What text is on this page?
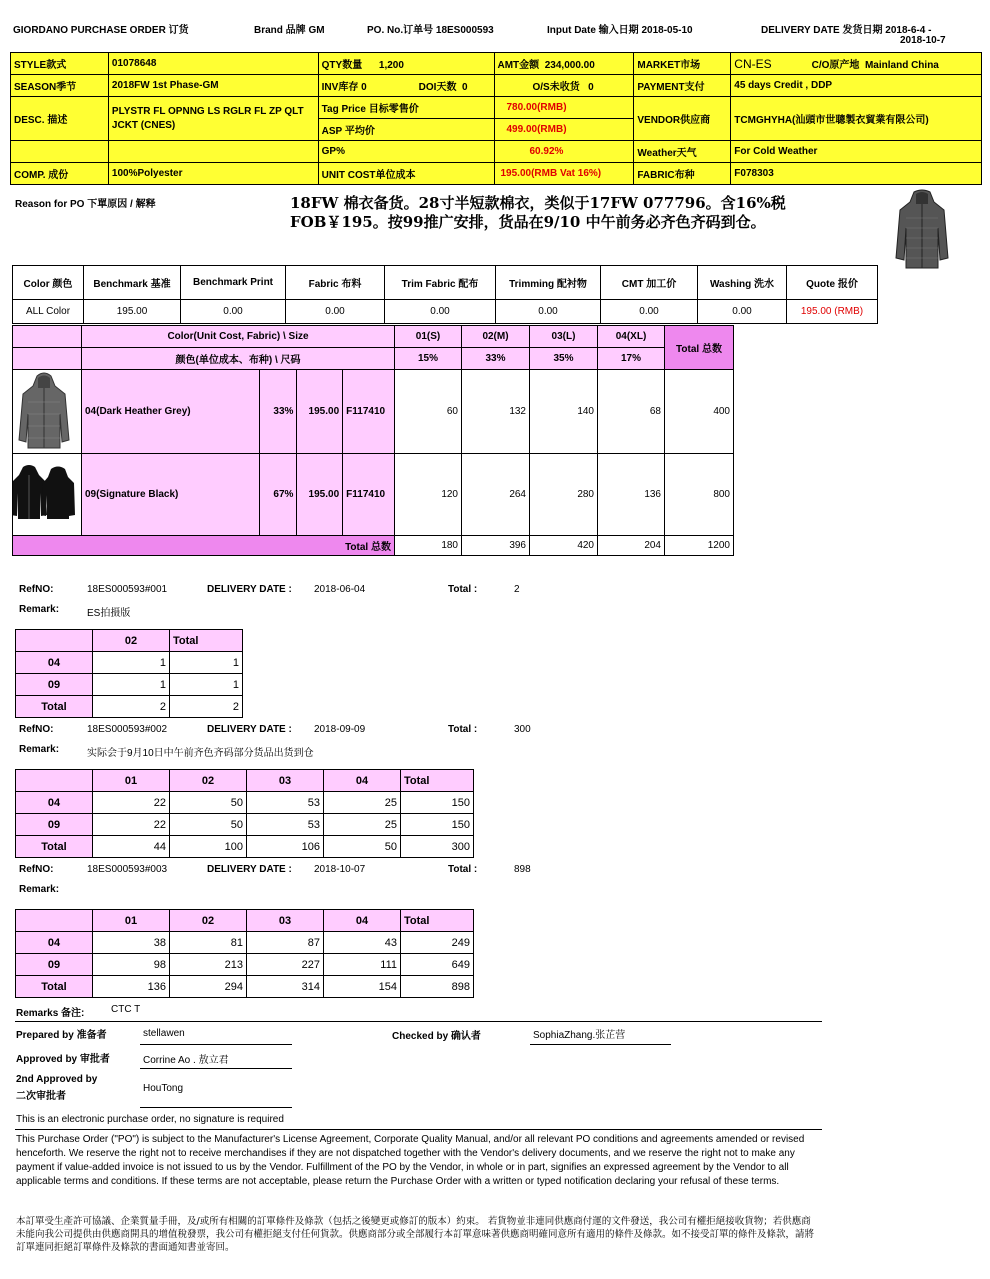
GIORDANO PURCHASE ORDER 订货	Brand 品牌 GM	PO. No.订单号 18ES000593	Input Date 输入日期 2018-05-10	DELIVERY DATE 发货日期 2018-6-4 -
2018-10-7
STYLE款式	01078648	QTY数量 1,200	AMT金额 234,000.00	MARKET市场	CN-ES C/O原产地 Mainland China
SEASON季节	2018FW 1st Phase-GM	INV库存 0 DOI天数 0	O/S未收货 0	PAYMENT支付	45 days Credit , DDP
DESC. 描述	PLYSTR FL OPNNG LS RGLR FL ZP QLT JCKT (CNES)	Tag Price 目标零售价	780.00(RMB)	VENDOR供应商	TCMGHYHA(汕頭市世聰製衣貿業有限公司)
		ASP 平均价	499.00(RMB)		
		GP%	60.92%	Weather天气	For Cold Weather
COMP. 成份	100%Polyester	UNIT COST单位成本	195.00(RMB Vat 16%)	FABRIC布种	F078303
Reason for PO 下單原因 / 解释	18FW 棉衣备货。28寸半短款棉衣，类似于17FW 077796。含16%税
FOB￥195。按99推广安排，货品在9/10 中午前务必齐色齐码到仓。
Color 颜色	Benchmark 基准	Benchmark Print	Fabric 布料	Trim Fabric 配布	Trimming 配衬物	CMT 加工价	Washing 洗水	Quote 报价
ALL Color	195.00	0.00	0.00	0.00	0.00	0.00	0.00	195.00 (RMB)
	Color(Unit Cost, Fabric) \ Size				01(S)	02(M)	03(L)	04(XL)	Total 总数
	颜色(单位成本、布种) \ 尺码				15%	33%	35%	17%	
	04(Dark Heather Grey)	33%	195.00	F117410	60	132	140	68	400
	09(Signature Black)	67%	195.00	F117410	120	264	280	136	800
Total 总数					180	396	420	204	1200
RefNO:	18ES000593#001	DELIVERY DATE : 2018-06-04	Total :	2
Remark:	ES拍摄版
	02	Total
04	1	1
09	1	1
Total	2	2
RefNO:	18ES000593#002	DELIVERY DATE : 2018-09-09	Total :	300
Remark:	实际会于9月10日中午前齐色齐码部分货品出货到仓
	01	02	03	04	Total
04	22	50	53	25	150
09	22	50	53	25	150
Total	44	100	106	50	300
RefNO:	18ES000593#003	DELIVERY DATE : 2018-10-07	Total :	898
Remark:
	01	02	03	04	Total
04	38	81	87	43	249
09	98	213	227	111	649
Total	136	294	314	154	898
Remarks 备注:	CTC T
Prepared by 准备者	stellawen	Checked by 确认者	SophiaZhang.张芷营
Approved by 审批者	Corrine Ao . 敖立君
2nd Approved by
二次审批者
HouTong
This is an electronic purchase order, no signature is required
This Purchase Order ("PO") is subject to the Manufacturer's License Agreement, Corporate Quality Manual, and/or all relevant PO conditions and agreements amended or revised henceforth. We reserve the right not to receive merchandises if they are not dispatched together with the Vendor's delivery documents, and we reserve the right not to make any payment if value-added invoice is not issued to us by the Vendor. Fulfillment of the PO by the Vendor, in whole or in part, signifies an expressed agreement by the Vendor to all applicable terms and conditions. If these terms are not acceptable, please return the Purchase Order with a written or typed notification declaring your refusal of these terms.
本訂單受生產許可協議、企業質量手冊，及/或所有相關的訂單條件及條款（包括之後變更或修訂的版本）約束。 若貨物並非連同供應商付運的文件發送，我公司有權拒絕接收貨物；若供應商未能向我公司提供由供應商開具的增值稅發票，我公司有權拒絕支付任何貨款。供應商部分或全部履行本訂單意味著供應商明確同意所有適用的條件及條款。如不接受訂單的條件及條款，請將訂單連同拒絕訂單條件及條款的書面通知書並寄回。
